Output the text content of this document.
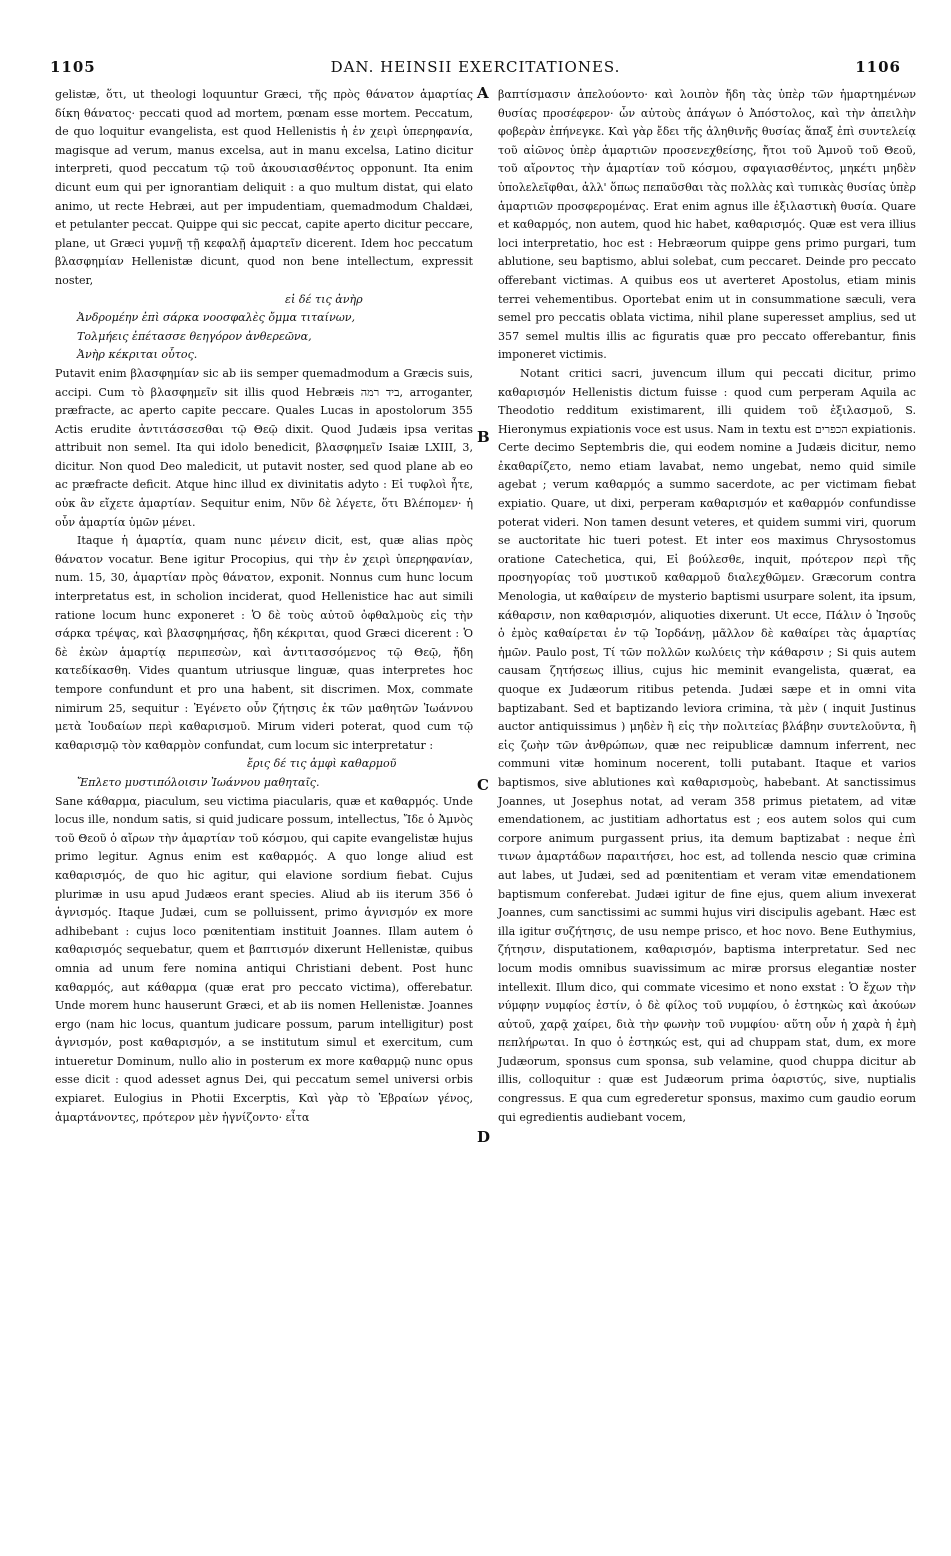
1105	DAN. HEINSII EXERCITATIONES.	1106
A
B
C
D

gelistæ, ὅτι, ut theologi loquuntur Græci, τῆς πρὸς θάνατον ἁμαρτίας δίκη θάνατος· peccati quod ad mortem, pœnam esse mortem. Peccatum, de quo loquitur evangelista, est quod Hellenistis ἡ ἐν χειρὶ ὑπερηφανία, magisque ad verum, manus excelsa, aut in manu excelsa, Latino dicitur interpreti, quod peccatum τῷ τοῦ ἀκουσιασθέντος opponunt. Ita enim dicunt eum qui per ignorantiam deliquit : a quo multum distat, qui elato animo, ut recte Hebræi, aut per impudentiam, quemadmodum Chaldæi, et petulanter peccat. Quippe qui sic peccat, capite aperto dicitur peccare, plane, ut Græci γυμνῇ τῇ κεφαλῇ ἁμαρτεῖν dicerent. Idem hoc peccatum βλασφημίαν Hellenistæ dicunt, quod non bene intellectum, expressit noster,

εἰ δέ τις ἀνὴρ

Ἀνδρομέην ἐπὶ σάρκα νοοσφαλὲς ὄμμα τιταίνων,

Τολμήεις ἐπέτασσε θεηγόρον ἀνθερεῶνα,

Ἀνὴρ κέκριται οὗτος.

Putavit enim βλασφημίαν sic ab iis semper quemadmodum a Græcis suis, accipi. Cum τὸ βλασφημεῖν sit illis quod Hebræis ביד רמה, arroganter, præfracte, ac aperto capite peccare. Quales Lucas in apostolorum 355 Actis erudite ἀντιτάσσεσθαι τῷ Θεῷ dixit. Quod Judæis ipsa veritas attribuit non semel. Ita qui idolo benedicit, βλασφημεῖν Isaiæ LXIII, 3, dicitur. Non quod Deo maledicit, ut putavit noster, sed quod plane ab eo ac præfracte deficit. Atque hinc illud ex divinitatis adyto : Εἰ τυφλοὶ ἦτε, οὐκ ἂν εἴχετε ἁμαρτίαν. Sequitur enim, Νῦν δὲ λέγετε, ὅτι Βλέπομεν· ἡ οὖν ἁμαρτία ὑμῶν μένει.

Itaque ἡ ἁμαρτία, quam nunc μένειν dicit, est, quæ alias πρὸς θάνατον vocatur. Bene igitur Procopius, qui τὴν ἐν χειρὶ ὑπερηφανίαν, num. 15, 30, ἁμαρτίαν πρὸς θάνατον, exponit. Nonnus cum hunc locum interpretatus est, in scholion inciderat, quod Hellenistice hac aut simili ratione locum hunc exponeret : Ὁ δὲ τοὺς αὐτοῦ ὀφθαλμοὺς εἰς τὴν σάρκα τρέψας, καὶ βλασφημήσας, ἤδη κέκριται, quod Græci dicerent : Ὁ δὲ ἐκὼν ἁμαρτίᾳ περιπεσὼν, καὶ ἀντιτασσόμενος τῷ Θεῷ, ἤδη κατεδίκασθη. Vides quantum utriusque linguæ, quas interpretes hoc tempore confundunt et pro una habent, sit discrimen. Mox, commate nimirum 25, sequitur : Ἐγένετο οὖν ζήτησις ἐκ τῶν μαθητῶν Ἰωάννου μετὰ Ἰουδαίων περὶ καθαρισμοῦ. Mirum videri poterat, quod cum τῷ καθαρισμῷ τὸν καθαρμὸν confundat, cum locum sic interpretatur :

ἔρις δέ τις ἀμφὶ καθαρμοῦ

Ἔπλετο μυστιπόλοισιν Ἰωάννου μαθηταῖς.

Sane κάθαρμα, piaculum, seu victima piacularis, quæ et καθαρμός. Unde locus ille, nondum satis, si quid judicare possum, intellectus, Ἴδε ὁ Ἀμνὸς τοῦ Θεοῦ ὁ αἴρων τὴν ἁμαρτίαν τοῦ κόσμου, qui capite evangelistæ hujus primo legitur. Agnus enim est καθαρμός. A quo longe aliud est καθαρισμός, de quo hic agitur, qui elavione sordium fiebat. Cujus plurimæ in usu apud Judæos erant species. Aliud ab iis iterum 356 ὁ ἁγνισμός. Itaque Judæi, cum se polluissent, primo ἁγνισμόν ex more adhibebant : cujus loco pœnitentiam instituit Joannes. Illam autem ὁ καθαρισμός sequebatur, quem et βαπτισμόν dixerunt Hellenistæ, quibus omnia ad unum fere nomina antiqui Christiani debent. Post hunc καθαρμός, aut κάθαρμα (quæ erat pro peccato victima), offerebatur. Unde morem hunc hauserunt Græci, et ab iis nomen Hellenistæ. Joannes ergo (nam hic locus, quantum judicare possum, parum intelligitur) post ἁγνισμόν, post καθαρισμόν, a se institutum simul et exercitum, cum intueretur Dominum, nullo alio in posterum ex more καθαρμῷ nunc opus esse dicit : quod adesset agnus Dei, qui peccatum semel universi orbis expiaret. Eulogius in Photii Excerptis, Καὶ γὰρ τὸ Ἑβραίων γένος, ἁμαρτάνοντες, πρότερον μὲν ἡγνίζοντο· εἶτα

βαπτίσμασιν ἀπελούοντο· καὶ λοιπὸν ἤδη τὰς ὑπὲρ τῶν ἡμαρτημένων θυσίας προσέφερον· ὧν αὐτοὺς ἀπάγων ὁ Ἀπόστολος, καὶ τὴν ἀπειλὴν φοβερὰν ἐπήνεγκε. Καὶ γὰρ ἔδει τῆς ἀληθινῆς θυσίας ἅπαξ ἐπὶ συντελείᾳ τοῦ αἰῶνος ὑπὲρ ἁμαρτιῶν προσενεχθείσης, ἤτοι τοῦ Ἀμνοῦ τοῦ Θεοῦ, τοῦ αἴροντος τὴν ἁμαρτίαν τοῦ κόσμου, σφαγιασθέντος, μηκέτι μηδὲν ὑπολελεῖφθαι, ἀλλ' ὅπως πεπαῦσθαι τὰς πολλὰς καὶ τυπικὰς θυσίας ὑπὲρ ἁμαρτιῶν προσφερομένας. Erat enim agnus ille ἐξιλαστικὴ θυσία. Quare et καθαρμός, non autem, quod hic habet, καθαρισμός. Quæ est vera illius loci interpretatio, hoc est : Hebræorum quippe gens primo purgari, tum ablutione, seu baptismo, ablui solebat, cum peccaret. Deinde pro peccato offerebant victimas. A quibus eos ut averteret Apostolus, etiam minis terrei vehementibus. Oportebat enim ut in consummatione sæculi, vera semel pro peccatis oblata victima, nihil plane superesset amplius, sed ut 357 semel multis illis ac figuratis quæ pro peccato offerebantur, finis imponeret victimis.

Notant critici sacri, juvencum illum qui peccati dicitur, primo καθαρισμόν Hellenistis dictum fuisse : quod cum perperam Aquila ac Theodotio redditum existimarent, illi quidem τοῦ ἐξιλασμοῦ, S. Hieronymus expiationis voce est usus. Nam in textu est הכפרים expiationis. Certe decimo Septembris die, qui eodem nomine a Judæis dicitur, nemo ἐκαθαρίζετο, nemo etiam lavabat, nemo ungebat, nemo quid simile agebat ; verum καθαρμός a summo sacerdote, ac per victimam fiebat expiatio. Quare, ut dixi, perperam καθαρισμόν et καθαρμόν confundisse poterat videri. Non tamen desunt veteres, et quidem summi viri, quorum se auctoritate hic tueri potest. Et inter eos maximus Chrysostomus oratione Catechetica, qui, Εἰ βούλεσθε, inquit, πρότερον περὶ τῆς προσηγορίας τοῦ μυστικοῦ καθαρμοῦ διαλεχθῶμεν. Græcorum contra Menologia, ut καθαίρειν de mysterio baptismi usurpare solent, ita ipsum, κάθαρσιν, non καθαρισμόν, aliquoties dixerunt. Ut ecce, Πάλιν ὁ Ἰησοῦς ὁ ἐμὸς καθαίρεται ἐν τῷ Ἰορδάνῃ, μᾶλλον δὲ καθαίρει τὰς ἁμαρτίας ἡμῶν. Paulo post, Τί τῶν πολλῶν κωλύεις τὴν κάθαρσιν ; Si quis autem causam ζητήσεως illius, cujus hic meminit evangelista, quærat, ea quoque ex Judæorum ritibus petenda. Judæi sæpe et in omni vita baptizabant. Sed et baptizando leviora crimina, τὰ μὲν ( inquit Justinus auctor antiquissimus ) μηδὲν ἢ εἰς τὴν πολιτείας βλάβην συντελοῦντα, ἢ εἰς ζωὴν τῶν ἀνθρώπων, quæ nec reipublicæ damnum inferrent, nec communi vitæ hominum nocerent, tolli putabant. Itaque et varios baptismos, sive ablutiones καὶ καθαρισμοὺς, habebant. At sanctissimus Joannes, ut Josephus notat, ad veram 358 primus pietatem, ad vitæ emendationem, ac justitiam adhortatus est ; eos autem solos qui cum corpore animum purgassent prius, ita demum baptizabat : neque ἐπὶ τινων ἁμαρτάδων παραιτήσει, hoc est, ad tollenda nescio quæ crimina aut labes, ut Judæi, sed ad pœnitentiam et veram vitæ emendationem baptismum conferebat. Judæi igitur de fine ejus, quem alium invexerat Joannes, cum sanctissimi ac summi hujus viri discipulis agebant. Hæc est illa igitur συζήτησις, de usu nempe prisco, et hoc novo. Bene Euthymius, ζήτησιν, disputationem, καθαρισμόν, baptisma interpretatur. Sed nec locum modis omnibus suavissimum ac miræ prorsus elegantiæ noster intellexit. Illum dico, qui commate vicesimo et nono exstat : Ὁ ἔχων τὴν νύμφην νυμφίος ἐστίν, ὁ δὲ φίλος τοῦ νυμφίου, ὁ ἑστηκὼς καὶ ἀκούων αὐτοῦ, χαρᾷ χαίρει, διὰ τὴν φωνὴν τοῦ νυμφίου· αὕτη οὖν ἡ χαρὰ ἡ ἐμὴ πεπλήρωται. In quo ὁ ἑστηκώς est, qui ad chuppam stat, dum, ex more Judæorum, sponsus cum sponsa, sub velamine, quod chuppa dicitur ab illis, colloquitur : quæ est Judæorum prima ὀαριστύς, sive, nuptialis congressus. E qua cum egrederetur sponsus, maximo cum gaudio eorum qui egredientis audiebant vocem,
